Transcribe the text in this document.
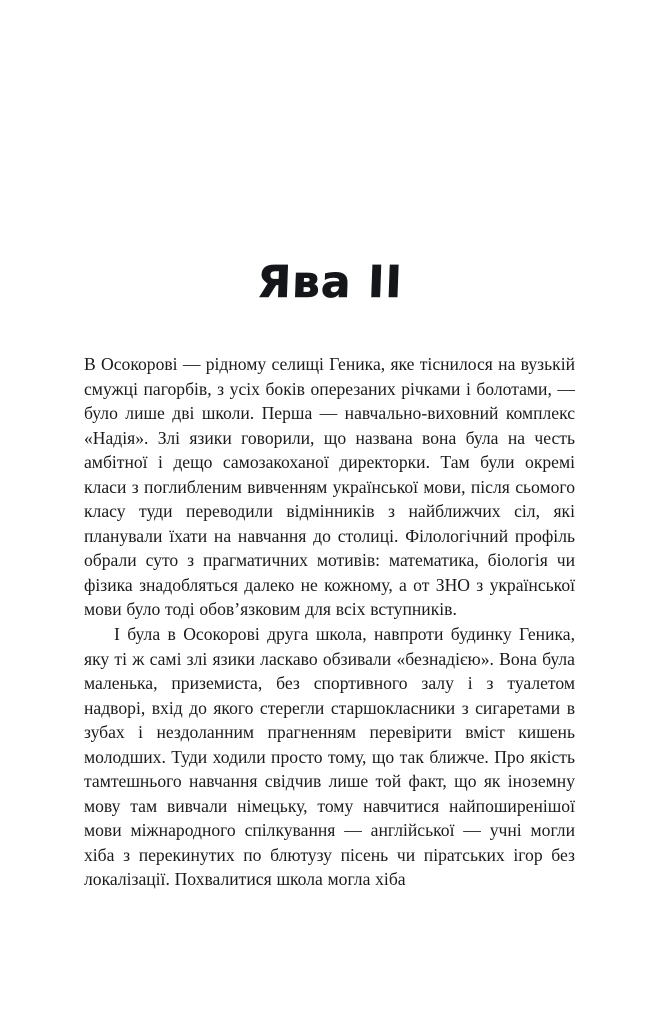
Ява ІІ

В Осокорові — рідному селищі Геника, яке тіснилося на вузькій смужці пагорбів, з усіх боків оперезаних річками і болотами, — було лише дві школи. Перша — навчально-виховний комплекс «Надія». Злі язики говорили, що названа вона була на честь амбітної і дещо самозакоханої директорки. Там були окремі класи з поглибленим вивченням української мови, після сьомого класу туди переводили відмінників з найближчих сіл, які планували їхати на навчання до столиці. Філологічний профіль обрали суто з прагматичних мотивів: математика, біологія чи фізика знадобляться далеко не кожному, а от ЗНО з української мови було тоді обов’язковим для всіх вступників.

І була в Осокорові друга школа, навпроти будинку Геника, яку ті ж самі злі язики ласкаво обзивали «безнадією». Вона була маленька, приземиста, без спортивного залу і з туалетом надворі, вхід до якого стерегли старшокласники з сигаретами в зубах і нездоланним прагненням перевірити вміст кишень молодших. Туди ходили просто тому, що так ближче. Про якість тамтешнього навчання свідчив лише той факт, що як іноземну мову там вивчали німецьку, тому навчитися найпоширенішої мови міжнародного спілкування — англійської — учні могли хіба з перекинутих по блютузу пісень чи піратських ігор без локалізації. Похвалитися школа могла хіба
